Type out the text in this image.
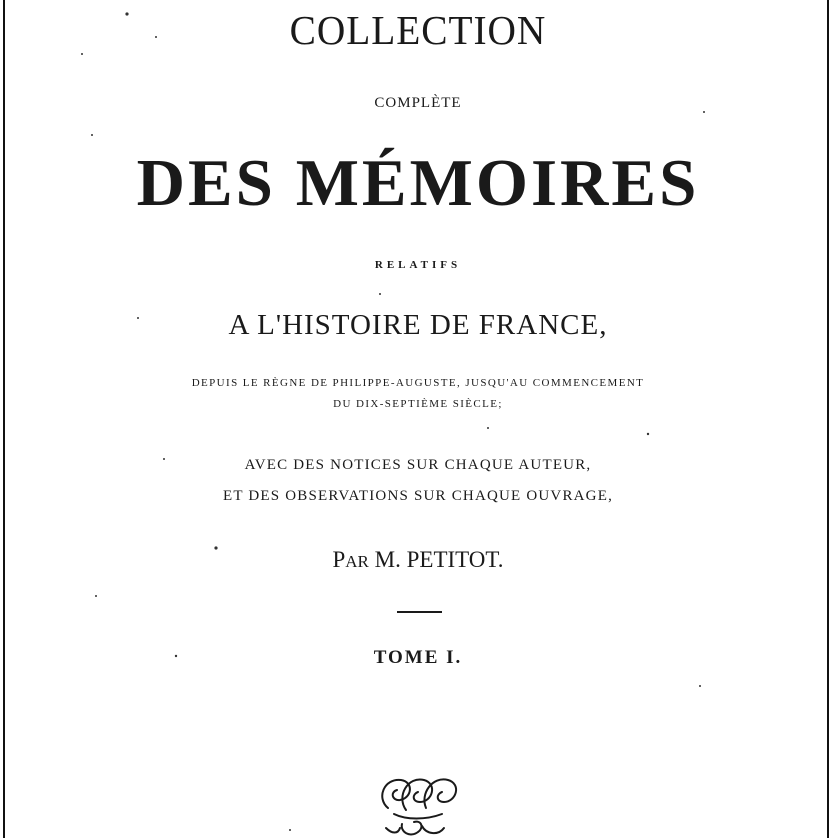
COLLECTION
COMPLÈTE
DES MÉMOIRES
RELATIFS
A L'HISTOIRE DE FRANCE,
DEPUIS LE RÈGNE DE PHILIPPE-AUGUSTE, JUSQU'AU COMMENCEMENT
DU DIX-SEPTIÈME SIÈCLE;
AVEC DES NOTICES SUR CHAQUE AUTEUR,
ET DES OBSERVATIONS SUR CHAQUE OUVRAGE,
PAR M. PETITOT.
TOME I.
